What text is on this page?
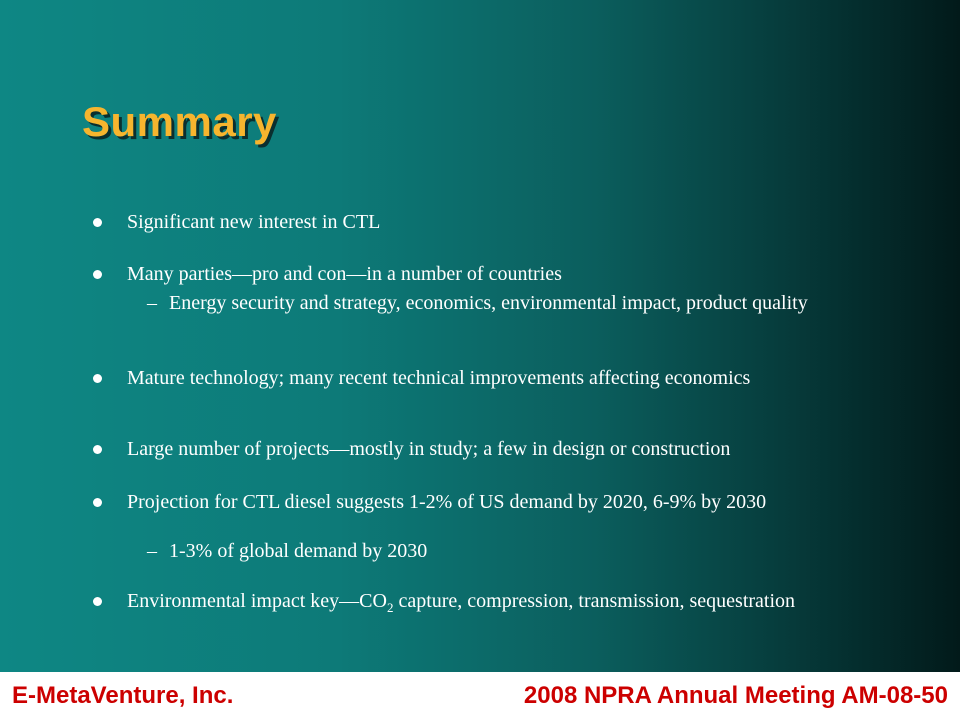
Summary
Significant new interest in CTL
Many parties—pro and con—in a number of countries
– Energy security and strategy, economics, environmental impact, product quality
Mature technology; many recent technical improvements affecting economics
Large number of projects—mostly in study; a few in design or construction
Projection for CTL diesel suggests 1-2% of US demand by 2020, 6-9% by 2030
– 1-3% of global demand by 2030
Environmental impact $key—CO_2$ capture, compression, transmission, sequestration
E-MetaVenture, Inc.	2008 NPRA Annual Meeting AM-08-50
